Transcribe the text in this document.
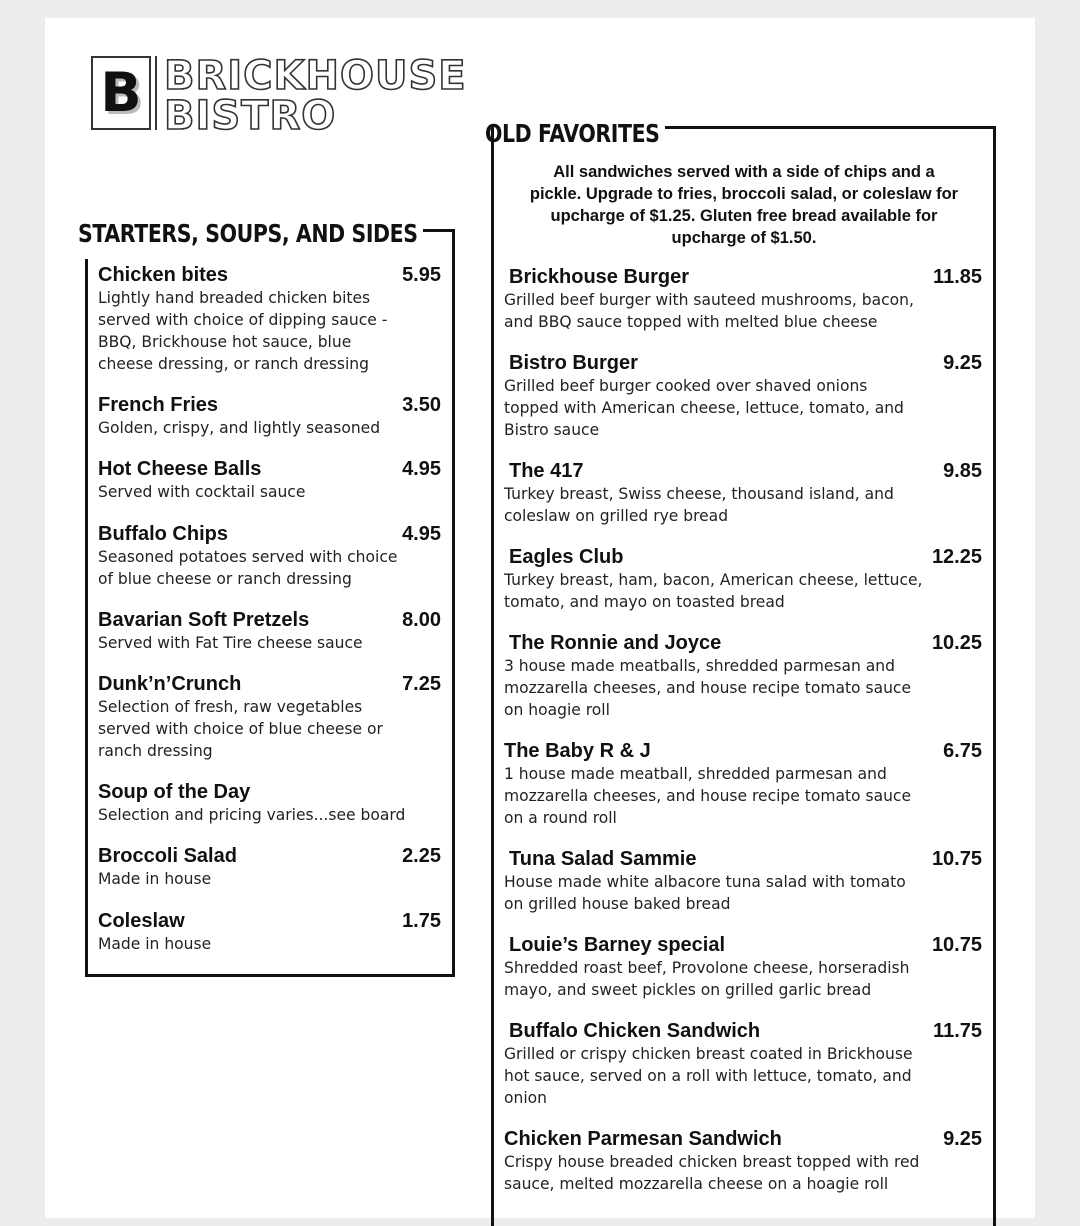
B BRICKHOUSE
BISTRO
STARTERS, SOUPS, AND SIDES
Chicken bites	5.95
Lightly hand breaded chicken bites
served with choice of dipping sauce -
BBQ, Brickhouse hot sauce, blue
cheese dressing, or ranch dressing
French Fries	3.50
Golden, crispy, and lightly seasoned
Hot Cheese Balls	4.95
Served with cocktail sauce
Buffalo Chips	4.95
Seasoned potatoes served with choice
of blue cheese or ranch dressing
Bavarian Soft Pretzels	8.00
Served with Fat Tire cheese sauce
Dunk’n’Crunch	7.25
Selection of fresh, raw vegetables
served with choice of blue cheese or
ranch dressing
Soup of the Day
Selection and pricing varies...see board
Broccoli Salad	2.25
Made in house
Coleslaw	1.75
Made in house
OLD FAVORITES
All sandwiches served with a side of chips and a
pickle. Upgrade to fries, broccoli salad, or coleslaw for
upcharge of $1.25. Gluten free bread available for
upcharge of $1.50.
Brickhouse Burger	11.85
Grilled beef burger with sauteed mushrooms, bacon,
and BBQ sauce topped with melted blue cheese
Bistro Burger	9.25
Grilled beef burger cooked over shaved onions
topped with American cheese, lettuce, tomato, and
Bistro sauce
The 417	9.85
Turkey breast, Swiss cheese, thousand island, and
coleslaw on grilled rye bread
Eagles Club	12.25
Turkey breast, ham, bacon, American cheese, lettuce,
tomato, and mayo on toasted bread
The Ronnie and Joyce	10.25
3 house made meatballs, shredded parmesan and
mozzarella cheeses, and house recipe tomato sauce
on hoagie roll
The Baby R & J	6.75
1 house made meatball, shredded parmesan and
mozzarella cheeses, and house recipe tomato sauce
on a round roll
Tuna Salad Sammie	10.75
House made white albacore tuna salad with tomato
on grilled house baked bread
Louie’s Barney special	10.75
Shredded roast beef, Provolone cheese, horseradish
mayo, and sweet pickles on grilled garlic bread
Buffalo Chicken Sandwich	11.75
Grilled or crispy chicken breast coated in Brickhouse
hot sauce, served on a roll with lettuce, tomato, and
onion
Chicken Parmesan Sandwich	9.25
Crispy house breaded chicken breast topped with red
sauce, melted mozzarella cheese on a hoagie roll
